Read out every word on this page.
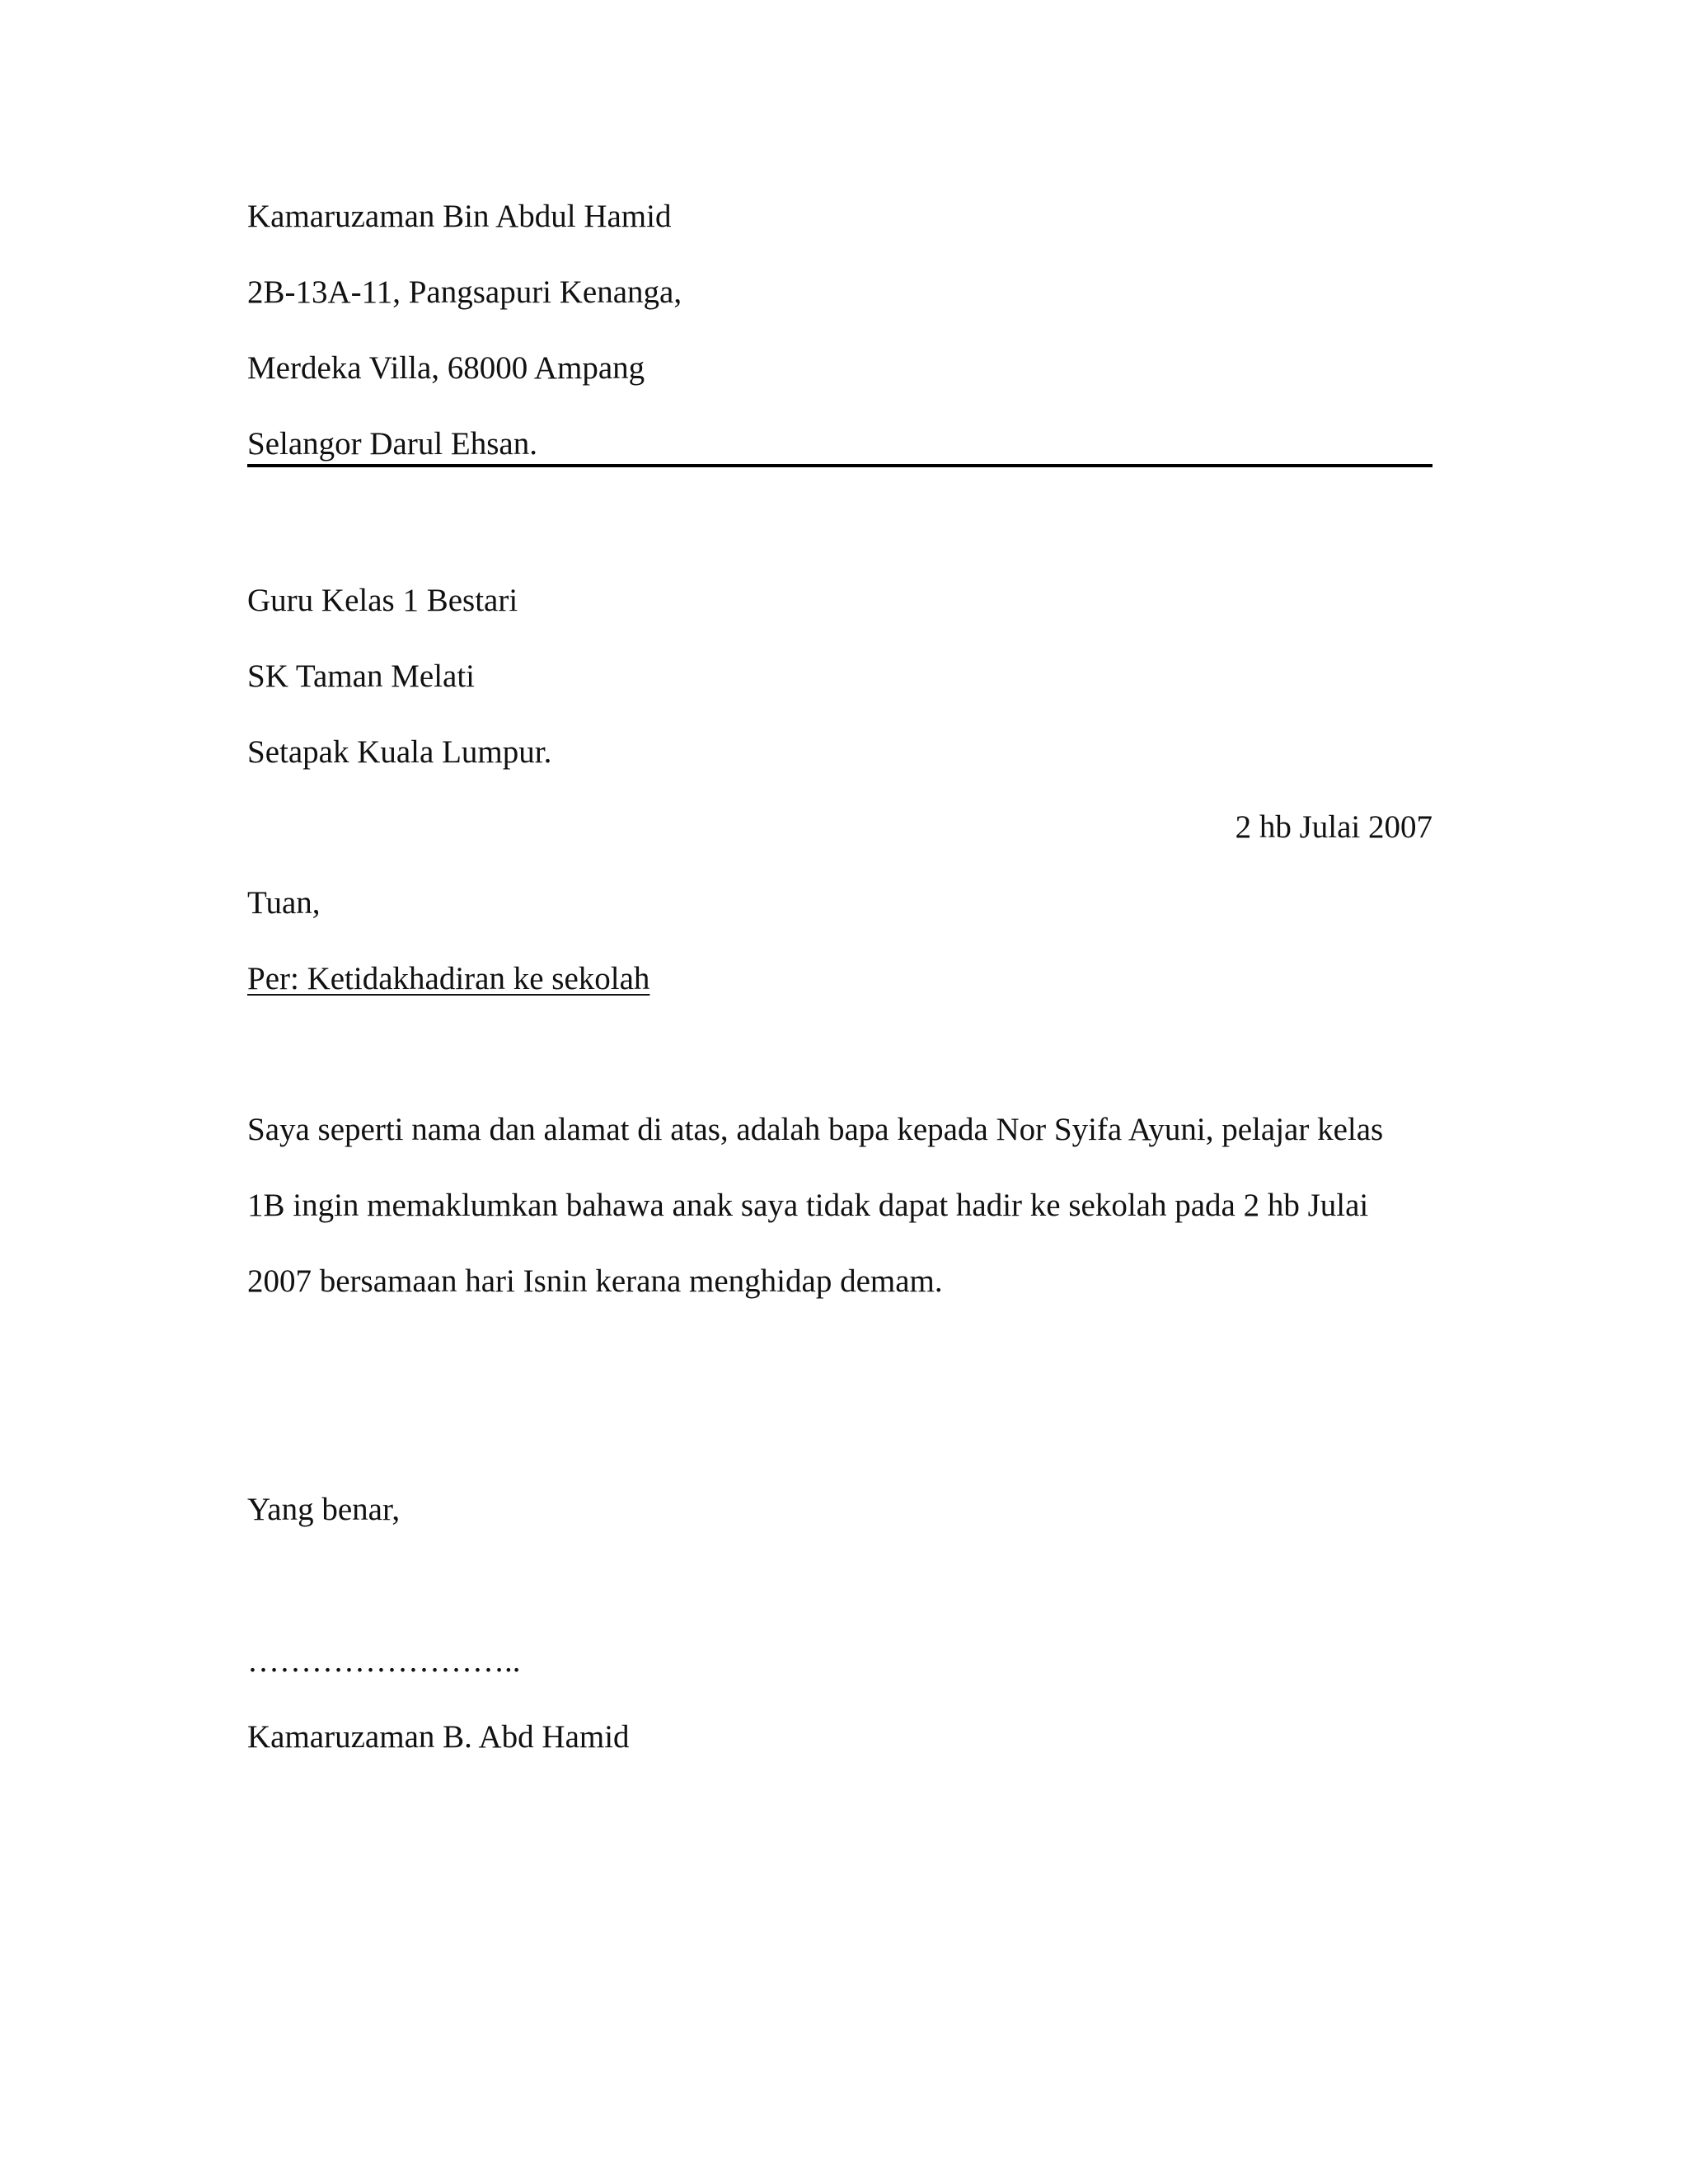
Kamaruzaman Bin Abdul Hamid

2B-13A-11, Pangsapuri Kenanga,

Merdeka Villa, 68000 Ampang

Selangor Darul Ehsan.

Guru Kelas 1 Bestari

SK Taman Melati

Setapak Kuala Lumpur.

2 hb Julai 2007

Tuan,

Per: Ketidakhadiran ke sekolah

Saya seperti nama dan alamat di atas, adalah bapa kepada Nor Syifa Ayuni, pelajar kelas

1B ingin memaklumkan bahawa anak saya tidak dapat hadir ke sekolah pada 2 hb Julai

2007 bersamaan hari Isnin kerana menghidap demam.

Yang benar,

……………………..

Kamaruzaman B. Abd Hamid
